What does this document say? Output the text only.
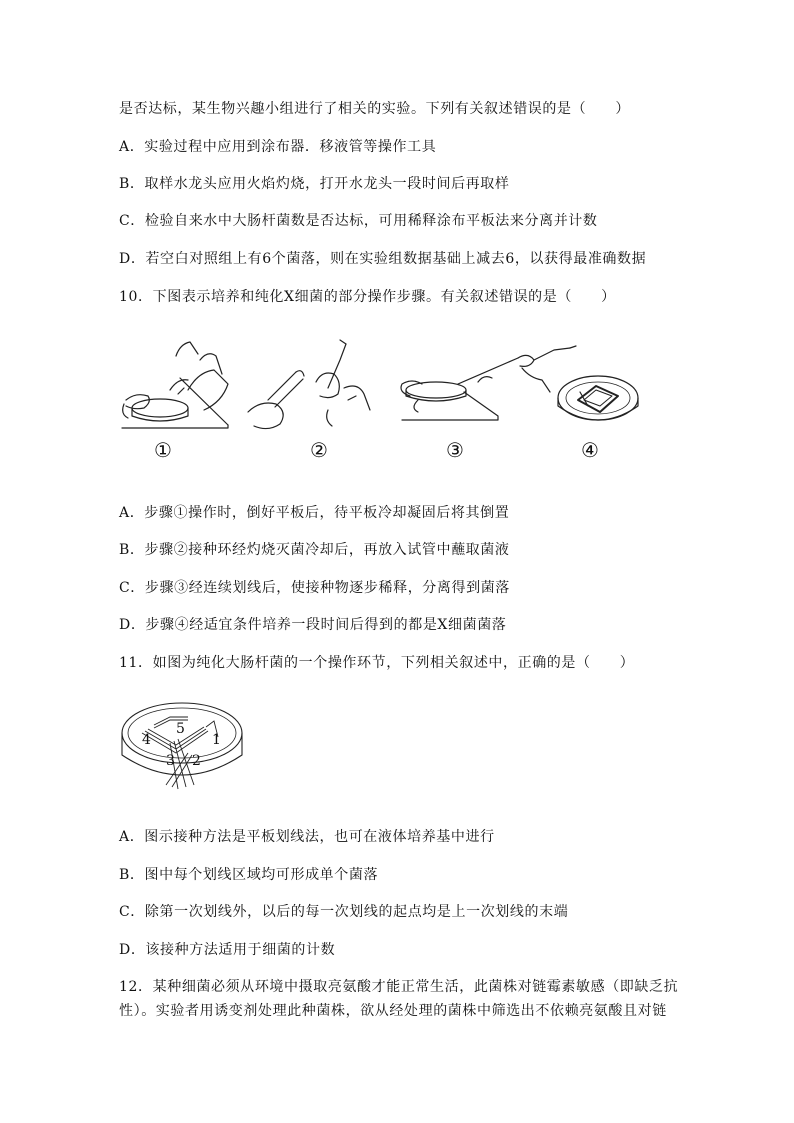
是否达标，某生物兴趣小组进行了相关的实验。下列有关叙述错误的是（　　）
A．实验过程中应用到涂布器．移液管等操作工具
B．取样水龙头应用火焰灼烧，打开水龙头一段时间后再取样
C．检验自来水中大肠杆菌数是否达标，可用稀释涂布平板法来分离并计数
D．若空白对照组上有6个菌落，则在实验组数据基础上减去6，以获得最准确数据
10．下图表示培养和纯化X细菌的部分操作步骤。有关叙述错误的是（　　）
①	②	③	④
A．步骤①操作时，倒好平板后，待平板冷却凝固后将其倒置
B．步骤②接种环经灼烧灭菌冷却后，再放入试管中蘸取菌液
C．步骤③经连续划线后，使接种物逐步稀释，分离得到菌落
D．步骤④经适宜条件培养一段时间后得到的都是X细菌菌落
11．如图为纯化大肠杆菌的一个操作环节，下列相关叙述中，正确的是（　　）
5
4	1
3 2
A．图示接种方法是平板划线法，也可在液体培养基中进行
B．图中每个划线区域均可形成单个菌落
C．除第一次划线外，以后的每一次划线的起点均是上一次划线的末端
D．该接种方法适用于细菌的计数
12．某种细菌必须从环境中摄取亮氨酸才能正常生活，此菌株对链霉素敏感（即缺乏抗
性）。实验者用诱变剂处理此种菌株，欲从经处理的菌株中筛选出不依赖亮氨酸且对链
